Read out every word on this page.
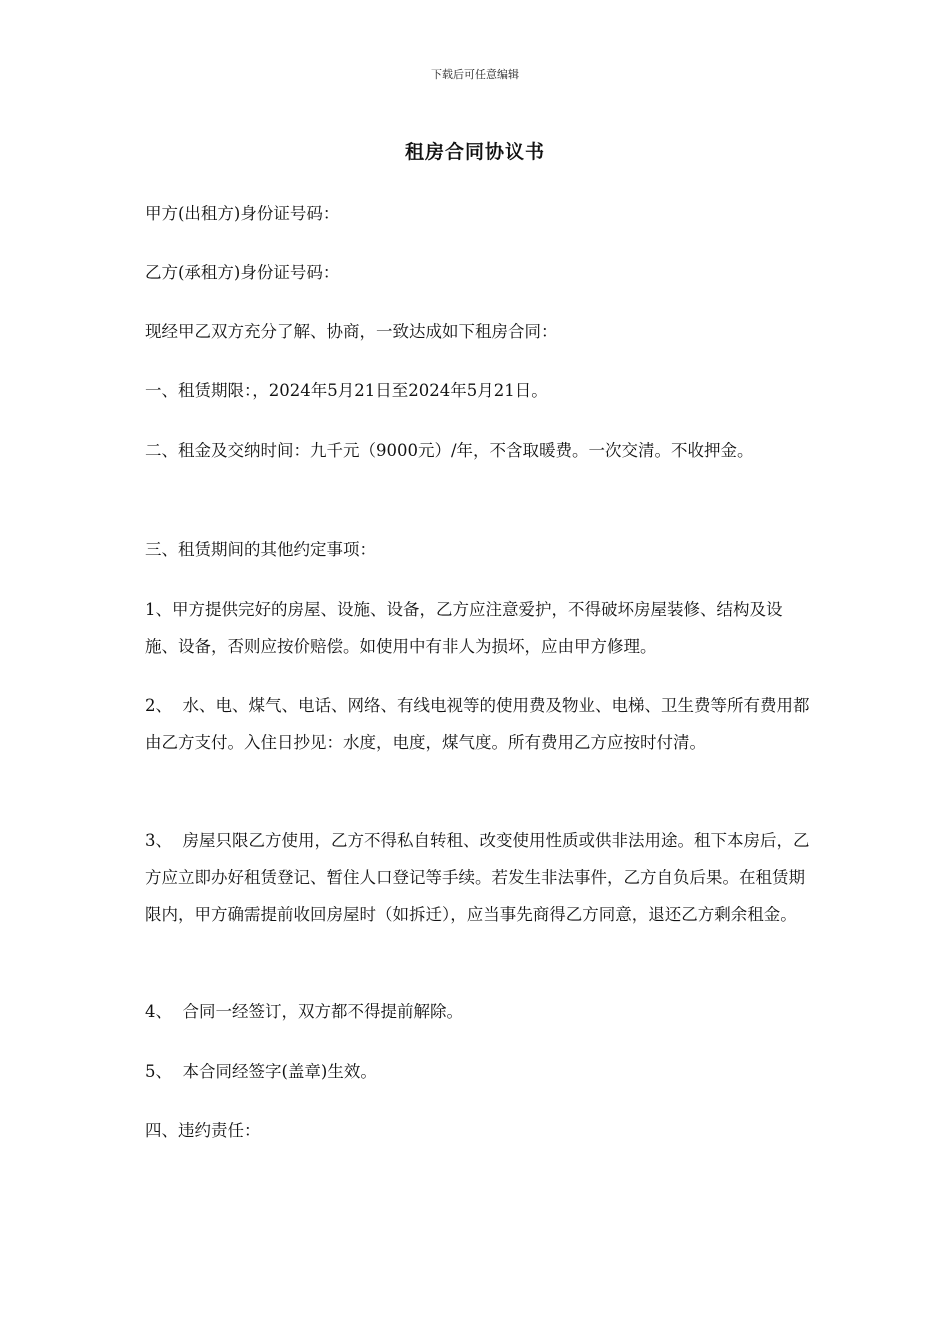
下载后可任意编辑
租房合同协议书

甲方(出租方)身份证号码：

乙方(承租方)身份证号码：

现经甲乙双方充分了解、协商，一致达成如下租房合同：

一、租赁期限：，2024年5月21日至2024年5月21日。

二、租金及交纳时间：九千元（9000元）/年，不含取暖费。一次交清。不收押金。

三、租赁期间的其他约定事项：

1、甲方提供完好的房屋、设施、设备，乙方应注意爱护，不得破坏房屋装修、结构及设施、设备，否则应按价赔偿。如使用中有非人为损坏，应由甲方修理。

2、  水、电、煤气、电话、网络、有线电视等的使用费及物业、电梯、卫生费等所有费用都由乙方支付。入住日抄见：水度，电度，煤气度。所有费用乙方应按时付清。

3、  房屋只限乙方使用，乙方不得私自转租、改变使用性质或供非法用途。租下本房后，乙方应立即办好租赁登记、暂住人口登记等手续。若发生非法事件，乙方自负后果。在租赁期限内，甲方确需提前收回房屋时（如拆迁），应当事先商得乙方同意，退还乙方剩余租金。

4、  合同一经签订，双方都不得提前解除。

5、  本合同经签字(盖章)生效。

四、违约责任：
